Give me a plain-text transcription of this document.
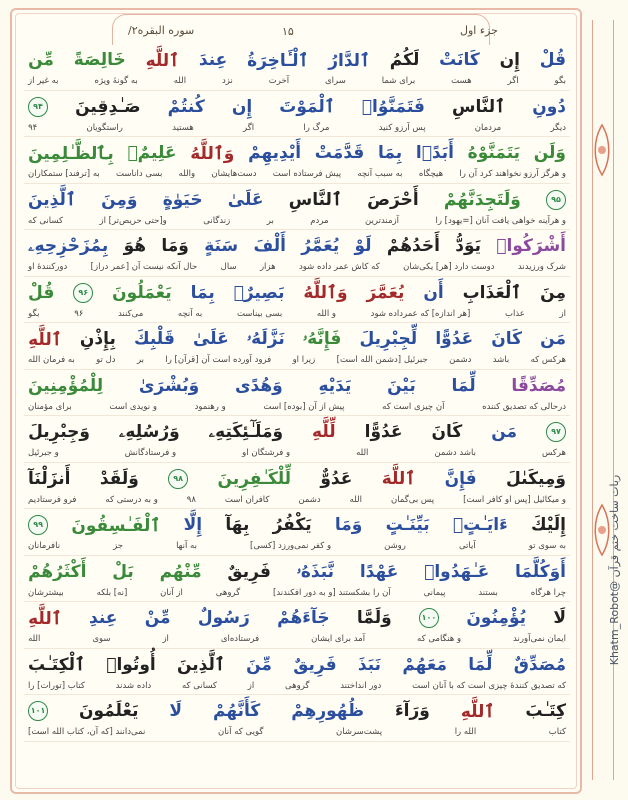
سوره البقره۲/	۱۵	جزء اول
قُلْ
إِن
كَانَتْ
لَكُمُ
ٱلدَّارُ
ٱلْـَٔاخِرَةُ
عِندَ
ٱللَّهِ
خَالِصَةً
مِّن
بگو
اگر
هست
برای شما
سرای
آخرت
نزد
الله
به گونهٔ ویژه
به غیر از
دُونِ
ٱلنَّاسِ
فَتَمَنَّوُا۟
ٱلْمَوْتَ
إِن
كُنتُمْ
صَـٰدِقِينَ
۹۴
دیگر
مردمان
پس آرزو کنید
مرگ را
اگر
هستید
راستگویان
۹۴
وَلَن
يَتَمَنَّوْهُ
أَبَدًۢا
بِمَا
قَدَّمَتْ
أَيْدِيهِمْ
وَٱللَّهُ
عَلِيمٌۢ
بِٱلظَّـٰلِمِينَ
و هرگز آرزو نخواهند کرد آن را
هیچگاه
به سبب آنچه
پیش فرستاده است
دست‌هایشان
والله
بسی داناست
به [ترفند] ستمکاران
۹۵
وَلَتَجِدَنَّهُمْ
أَحْرَصَ
ٱلنَّاسِ
عَلَىٰ
حَيَوٰةٍ
وَمِنَ
ٱلَّذِينَ
و هرآینه خواهی یافت آنان [=یهود] را
آزمندترین
مردم
بر
زندگانی
و[حتی حریص‌تر] از
کسانی که
أَشْرَكُوا۟
يَوَدُّ
أَحَدُهُمْ
لَوْ
يُعَمَّرُ
أَلْفَ
سَنَةٍ
وَمَا
هُوَ
بِمُزَحْزِحِهِۦ
شرک ورزیدند
دوست دارد [هر] یکی‌شان
که کاش عمر داده شود
هزار
سال
حال آنکه نیست آن [عمر دراز]
دورکنندهٔ او
مِنَ
ٱلْعَذَابِ
أَن
يُعَمَّرَ
وَٱللَّهُ
بَصِيرٌۢ
بِمَا
يَعْمَلُونَ
۹۶
قُلْ
از
عذاب
[هر اندازه] که عمرداده شود
و الله
بسی بیناست
به آنچه
می‌کنند
۹۶
بگو
مَن
كَانَ
عَدُوًّا
لِّجِبْرِيلَ
فَإِنَّهُۥ
نَزَّلَهُۥ
عَلَىٰ
قَلْبِكَ
بِإِذْنِ
ٱللَّهِ
هرکس که
باشد
دشمن
جبرئیل [دشمن الله است]
زیرا او
فرود آورده است آن [قرآن] را
بر
دل تو
به فرمان الله
مُصَدِّقًا
لِّمَا
بَيْنَ
يَدَيْهِ
وَهُدًى
وَبُشْرَىٰ
لِلْمُؤْمِنِينَ
درحالی که تصدیق کننده
آن چیزی است که
پیش از آن [بوده] است
و رهنمود
و نویدی است
برای مؤمنان
۹۷
مَن
كَانَ
عَدُوًّا
لِّلَّهِ
وَمَلَـٰٓئِكَتِهِۦ
وَرُسُلِهِۦ
وَجِبْرِيلَ
هرکس
باشد دشمن
الله
و فرشتگان او
و فرستادگانش
و جبرئیل
وَمِيكَىٰلَ
فَإِنَّ
ٱللَّهَ
عَدُوٌّ
لِّلْكَـٰفِرِينَ
۹۸
وَلَقَدْ
أَنزَلْنَآ
و میکائیل [پس او کافر است]
پس بی‌گمان
الله
دشمن
کافران است
۹۸
و به درستی که
فرو فرستادیم
إِلَيْكَ
ءَايَـٰتٍۭ
بَيِّنَـٰتٍ
وَمَا
يَكْفُرُ
بِهَآ
إِلَّا
ٱلْفَـٰسِقُونَ
۹۹
به سوی تو
آیاتی
روشن
و کفر نمی‌ورزد [کسی]
به آنها
جز
نافرمانان
أَوَكُلَّمَا
عَـٰهَدُوا۟
عَهْدًا
نَّبَذَهُۥ
فَرِيقٌ
مِّنْهُم
بَلْ
أَكْثَرُهُمْ
چرا هرگاه
بستند
پیمانی
آن را بشکستند [و به دور افکندند]
گروهی
از آنان
[نه] بلکه
بیشترشان
لَا
يُؤْمِنُونَ
۱۰۰
وَلَمَّا
جَآءَهُمْ
رَسُولٌ
مِّنْ
عِندِ
ٱللَّهِ
ایمان نمی‌آورند
و هنگامی که
آمد برای ایشان
فرستاده‌ای
از
سوی
الله
مُصَدِّقٌ
لِّمَا
مَعَهُمْ
نَبَذَ
فَرِيقٌ
مِّنَ
ٱلَّذِينَ
أُوتُوا۟
ٱلْكِتَـٰبَ
که تصدیق کنندهٔ چیزی است که با آنان است
دور انداختند
گروهی
از
کسانی که
داده شدند
کتاب [تورات] را
كِتَـٰبَ
ٱللَّهِ
وَرَآءَ
ظُهُورِهِمْ
كَأَنَّهُمْ
لَا
يَعْلَمُونَ
۱۰۱
کتاب
الله را
پشت‌سرشان
گویی که آنان
نمی‌دانند [که آن، کتاب الله است]
ربات ساخت ختم قرآن @Khatm_Robot
